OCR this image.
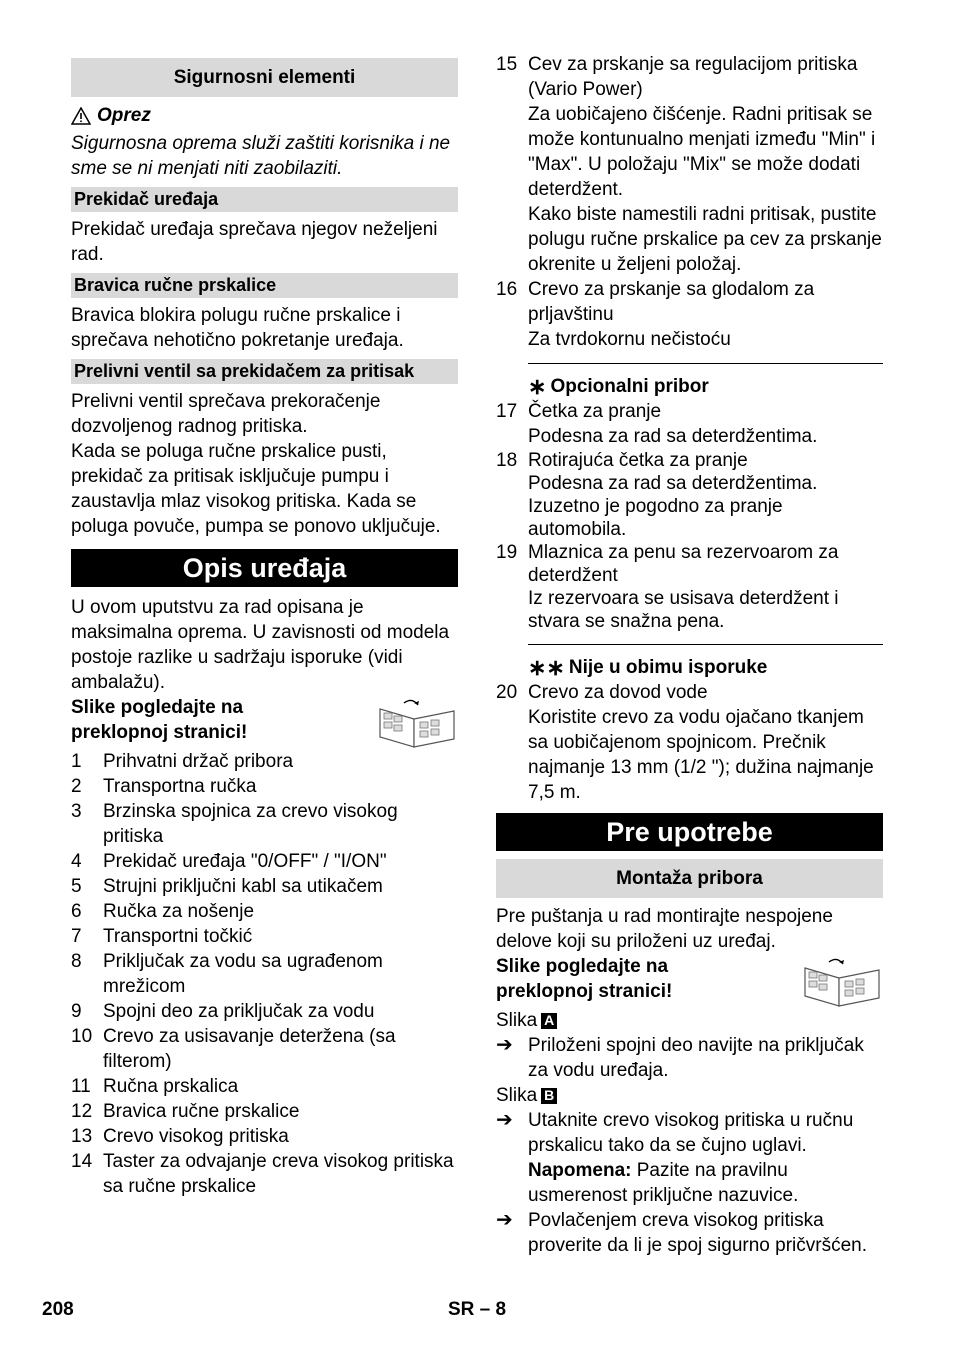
Sigurnosni elementi
Oprez

Sigurnosna oprema služi zaštiti korisnika i ne sme se ni menjati niti zaobilaziti.

Prekidač uređaja

Prekidač uređaja sprečava njegov neželjeni rad.

Bravica ručne prskalice

Bravica blokira polugu ručne prskalice i sprečava nehotično pokretanje uređaja.

Prelivni ventil sa prekidačem za pritisak

Prelivni ventil sprečava prekoračenje dozvoljenog radnog pritiska.

Kada se poluga ručne prskalice pusti, prekidač za pritisak isključuje pumpu i zaustavlja mlaz visokog pritiska. Kada se poluga povuče, pumpa se ponovo uključuje.

Opis uređaja

U ovom uputstvu za rad opisana je maksimalna oprema. U zavisnosti od modela postoje razlike u sadržaju isporuke (vidi ambalažu).

Slike pogledajte na preklopnoj stranici!

1	Prihvatni držač pribora
2	Transportna ručka
3	Brzinska spojnica za crevo visokog pritiska
4	Prekidač uređaja "0/OFF" / "I/ON"
5	Strujni priključni kabl sa utikačem
6	Ručka za nošenje
7	Transportni točkić
8	Priključak za vodu sa ugrađenom mrežicom
9	Spojni deo za priključak za vodu
10 Crevo za usisavanje deteržena (sa filterom)
11 Ručna prskalica
12 Bravica ručne prskalice
13 Crevo visokog pritiska
14 Taster za odvajanje creva visokog pritiska sa ručne prskalice
15 Cev za prskanje sa regulacijom pritiska (Vario Power)

Za uobičajeno čišćenje. Radni pritisak se može kontunualno menjati između "Min" i "Max". U položaju "Mix" se može dodati deterdžent.

Kako biste namestili radni pritisak, pustite polugu ručne prskalice pa cev za prskanje okrenite u željeni položaj.

16 Crevo za prskanje sa glodalom za prljavštinu

Za tvrdokornu nečistoću

∗ Opcionalni pribor
17 Četka za pranje

Podesna za rad sa deterdžentima.

18 Rotirajuća četka za pranje

Podesna za rad sa deterdžentima. Izuzetno je pogodno za pranje automobila.

19 Mlaznica za penu sa rezervoarom za deterdžent

Iz rezervoara se usisava deterdžent i stvara se snažna pena.

∗∗ Nije u obimu isporuke
20 Crevo za dovod vode

Koristite crevo za vodu ojačano tkanjem sa uobičajenom spojnicom. Prečnik najmanje 13 mm (1/2 "); dužina najmanje 7,5 m.

Pre upotrebe
Montaža pribora

Pre puštanja u rad montirajte nespojene delove koji su priloženi uz uređaj.

Slike pogledajte na preklopnoj stranici!

Slika A

➔ Priloženi spojni deo navijte na priključak za vodu uređaja.

Slika B

➔ Utaknite crevo visokog pritiska u ručnu prskalicu tako da se čujno uglavi.

Napomena: Pazite na pravilnu usmerenost priključne nazuvice.

➔ Povlačenjem creva visokog pritiska proverite da li je spoj sigurno pričvršćen.

208	SR – 8
